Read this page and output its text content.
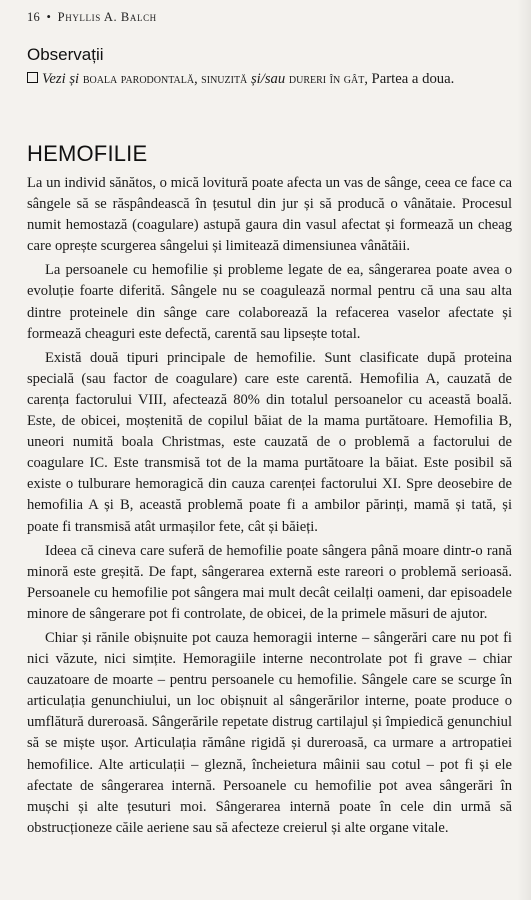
16 • Phyllis A. Balch
Observații
Vezi și boala parodontală, sinuzită și/sau dureri în gât, Partea a doua.
HEMOFILIE

La un individ sănătos, o mică lovitură poate afecta un vas de sânge, ceea ce face ca sângele să se răspândească în țesutul din jur și să producă o vânătaie. Procesul numit hemostază (coagulare) astupă gaura din vasul afectat și formează un cheag care oprește scurgerea sângelui și limitează dimensiunea vânătăii.

La persoanele cu hemofilie și probleme legate de ea, sângerarea poate avea o evoluție foarte diferită. Sângele nu se coagulează normal pentru că una sau alta dintre proteinele din sânge care colaborează la refacerea vaselor afectate și formează cheaguri este defectă, carentă sau lipsește total.

Există două tipuri principale de hemofilie. Sunt clasificate după proteina specială (sau factor de coagulare) care este carentă. Hemofilia A, cauzată de carența factorului VIII, afectează 80% din totalul persoanelor cu această boală. Este, de obicei, moștenită de copilul băiat de la mama purtătoare. Hemofilia B, uneori numită boala Christmas, este cauzată de o problemă a factorului de coagulare IC. Este transmisă tot de la mama purtătoare la băiat. Este posibil să existe o tulburare hemoragică din cauza carenței factorului XI. Spre deosebire de hemofilia A și B, această problemă poate fi a ambilor părinți, mamă și tată, și poate fi transmisă atât urmașilor fete, cât și băieți.

Ideea că cineva care suferă de hemofilie poate sângera până moare dintr-o rană minoră este greșită. De fapt, sângerarea externă este rareori o problemă serioasă. Persoanele cu hemofilie pot sângera mai mult decât ceilalți oameni, dar episoadele minore de sângerare pot fi controlate, de obicei, de la primele măsuri de ajutor.

Chiar și rănile obișnuite pot cauza hemoragii interne – sângerări care nu pot fi nici văzute, nici simțite. Hemoragiile interne necontrolate pot fi grave – chiar cauzatoare de moarte – pentru persoanele cu hemofilie. Sângele care se scurge în articulația genunchiului, un loc obișnuit al sângerărilor interne, poate produce o umflătură dureroasă. Sângerările repetate distrug cartilajul și împiedică genunchiul să se miște ușor. Articulația rămâne rigidă și dureroasă, ca urmare a artropatiei hemofilice. Alte articulații – gleznă, încheietura mâinii sau cotul – pot fi și ele afectate de sângerarea internă. Persoanele cu hemofilie pot avea sângerări în mușchi și alte țesuturi moi. Sângerarea internă poate în cele din urmă să obstrucționeze căile aeriene sau să afecteze creierul și alte organe vitale.
